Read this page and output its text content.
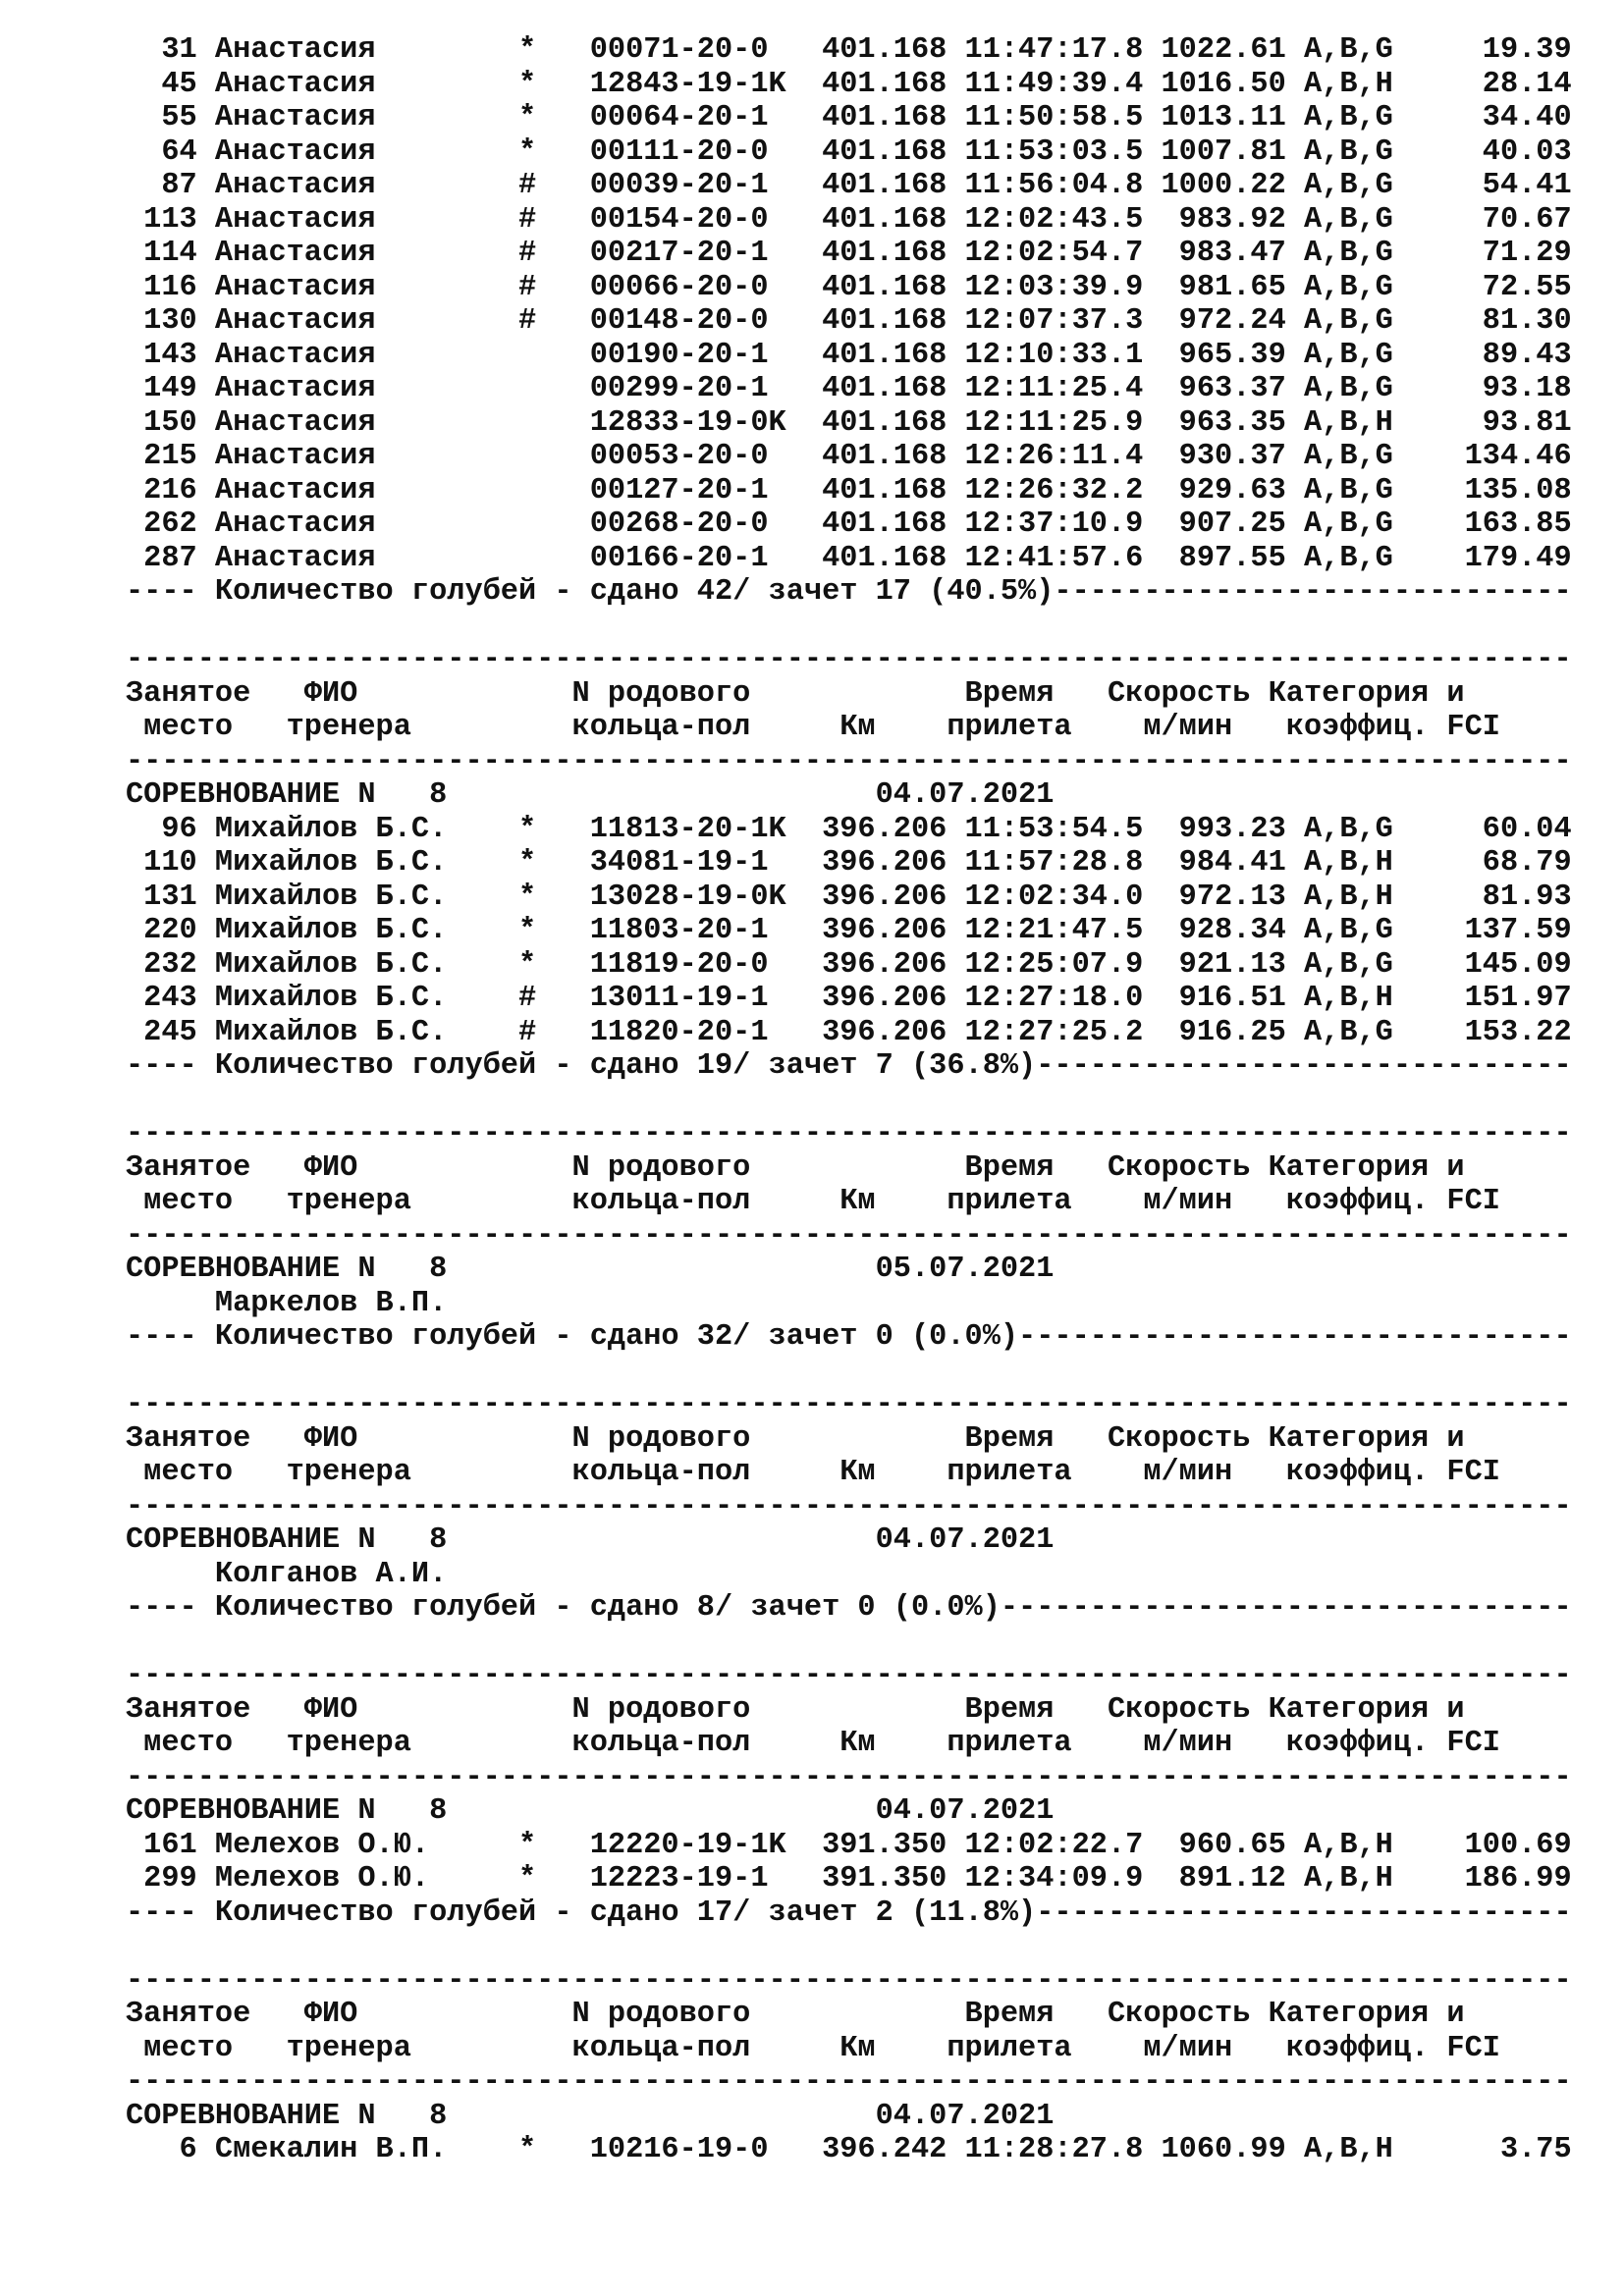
31 Анастасия        *   00071-20-0   401.168 11:47:17.8 1022.61 A,B,G     19.39
45 Анастасия        *   12843-19-1K  401.168 11:49:39.4 1016.50 A,B,H     28.14
55 Анастасия        *   00064-20-1   401.168 11:50:58.5 1013.11 A,B,G     34.40
64 Анастасия        *   00111-20-0   401.168 11:53:03.5 1007.81 A,B,G     40.03
87 Анастасия        #   00039-20-1   401.168 11:56:04.8 1000.22 A,B,G     54.41
113 Анастасия        #   00154-20-0   401.168 12:02:43.5  983.92 A,B,G     70.67
114 Анастасия        #   00217-20-1   401.168 12:02:54.7  983.47 A,B,G     71.29
116 Анастасия        #   00066-20-0   401.168 12:03:39.9  981.65 A,B,G     72.55
130 Анастасия        #   00148-20-0   401.168 12:07:37.3  972.24 A,B,G     81.30
143 Анастасия            00190-20-1   401.168 12:10:33.1  965.39 A,B,G     89.43
149 Анастасия            00299-20-1   401.168 12:11:25.4  963.37 A,B,G     93.18
150 Анастасия            12833-19-0K  401.168 12:11:25.9  963.35 A,B,H     93.81
215 Анастасия            00053-20-0   401.168 12:26:11.4  930.37 A,B,G    134.46
216 Анастасия            00127-20-1   401.168 12:26:32.2  929.63 A,B,G    135.08
262 Анастасия            00268-20-0   401.168 12:37:10.9  907.25 A,B,G    163.85
287 Анастасия            00166-20-1   401.168 12:41:57.6  897.55 A,B,G    179.49
---- Количество голубей - сдано 42/ зачет 17 (40.5%)-----------------------------
---------------------------------------------------------------------------------
Занятое   ФИО            N родового            Время   Скорость Категория и
место   тренера         кольца-пол     Км    прилета    м/мин   коэффиц. FCI
---------------------------------------------------------------------------------
СОРЕВНОВАНИЕ N   8                        04.07.2021
96 Михайлов Б.С.    *   11813-20-1K  396.206 11:53:54.5  993.23 A,B,G     60.04
110 Михайлов Б.С.    *   34081-19-1   396.206 11:57:28.8  984.41 A,B,H     68.79
131 Михайлов Б.С.    *   13028-19-0K  396.206 12:02:34.0  972.13 A,B,H     81.93
220 Михайлов Б.С.    *   11803-20-1   396.206 12:21:47.5  928.34 A,B,G    137.59
232 Михайлов Б.С.    *   11819-20-0   396.206 12:25:07.9  921.13 A,B,G    145.09
243 Михайлов Б.С.    #   13011-19-1   396.206 12:27:18.0  916.51 A,B,H    151.97
245 Михайлов Б.С.    #   11820-20-1   396.206 12:27:25.2  916.25 A,B,G    153.22
---- Количество голубей - сдано 19/ зачет 7 (36.8%)------------------------------
---------------------------------------------------------------------------------
Занятое   ФИО            N родового            Время   Скорость Категория и
место   тренера         кольца-пол     Км    прилета    м/мин   коэффиц. FCI
---------------------------------------------------------------------------------
СОРЕВНОВАНИЕ N   8                        05.07.2021
Маркелов В.П.
---- Количество голубей - сдано 32/ зачет 0 (0.0%)-------------------------------
---------------------------------------------------------------------------------
Занятое   ФИО            N родового            Время   Скорость Категория и
место   тренера         кольца-пол     Км    прилета    м/мин   коэффиц. FCI
---------------------------------------------------------------------------------
СОРЕВНОВАНИЕ N   8                        04.07.2021
Колганов А.И.
---- Количество голубей - сдано 8/ зачет 0 (0.0%)--------------------------------
---------------------------------------------------------------------------------
Занятое   ФИО            N родового            Время   Скорость Категория и
место   тренера         кольца-пол     Км    прилета    м/мин   коэффиц. FCI
---------------------------------------------------------------------------------
СОРЕВНОВАНИЕ N   8                        04.07.2021
161 Мелехов О.Ю.     *   12220-19-1K  391.350 12:02:22.7  960.65 A,B,H    100.69
299 Мелехов О.Ю.     *   12223-19-1   391.350 12:34:09.9  891.12 A,B,H    186.99
---- Количество голубей - сдано 17/ зачет 2 (11.8%)------------------------------
---------------------------------------------------------------------------------
Занятое   ФИО            N родового            Время   Скорость Категория и
место   тренера         кольца-пол     Км    прилета    м/мин   коэффиц. FCI
---------------------------------------------------------------------------------
СОРЕВНОВАНИЕ N   8                        04.07.2021
6 Смекалин В.П.    *   10216-19-0   396.242 11:28:27.8 1060.99 A,B,H      3.75
